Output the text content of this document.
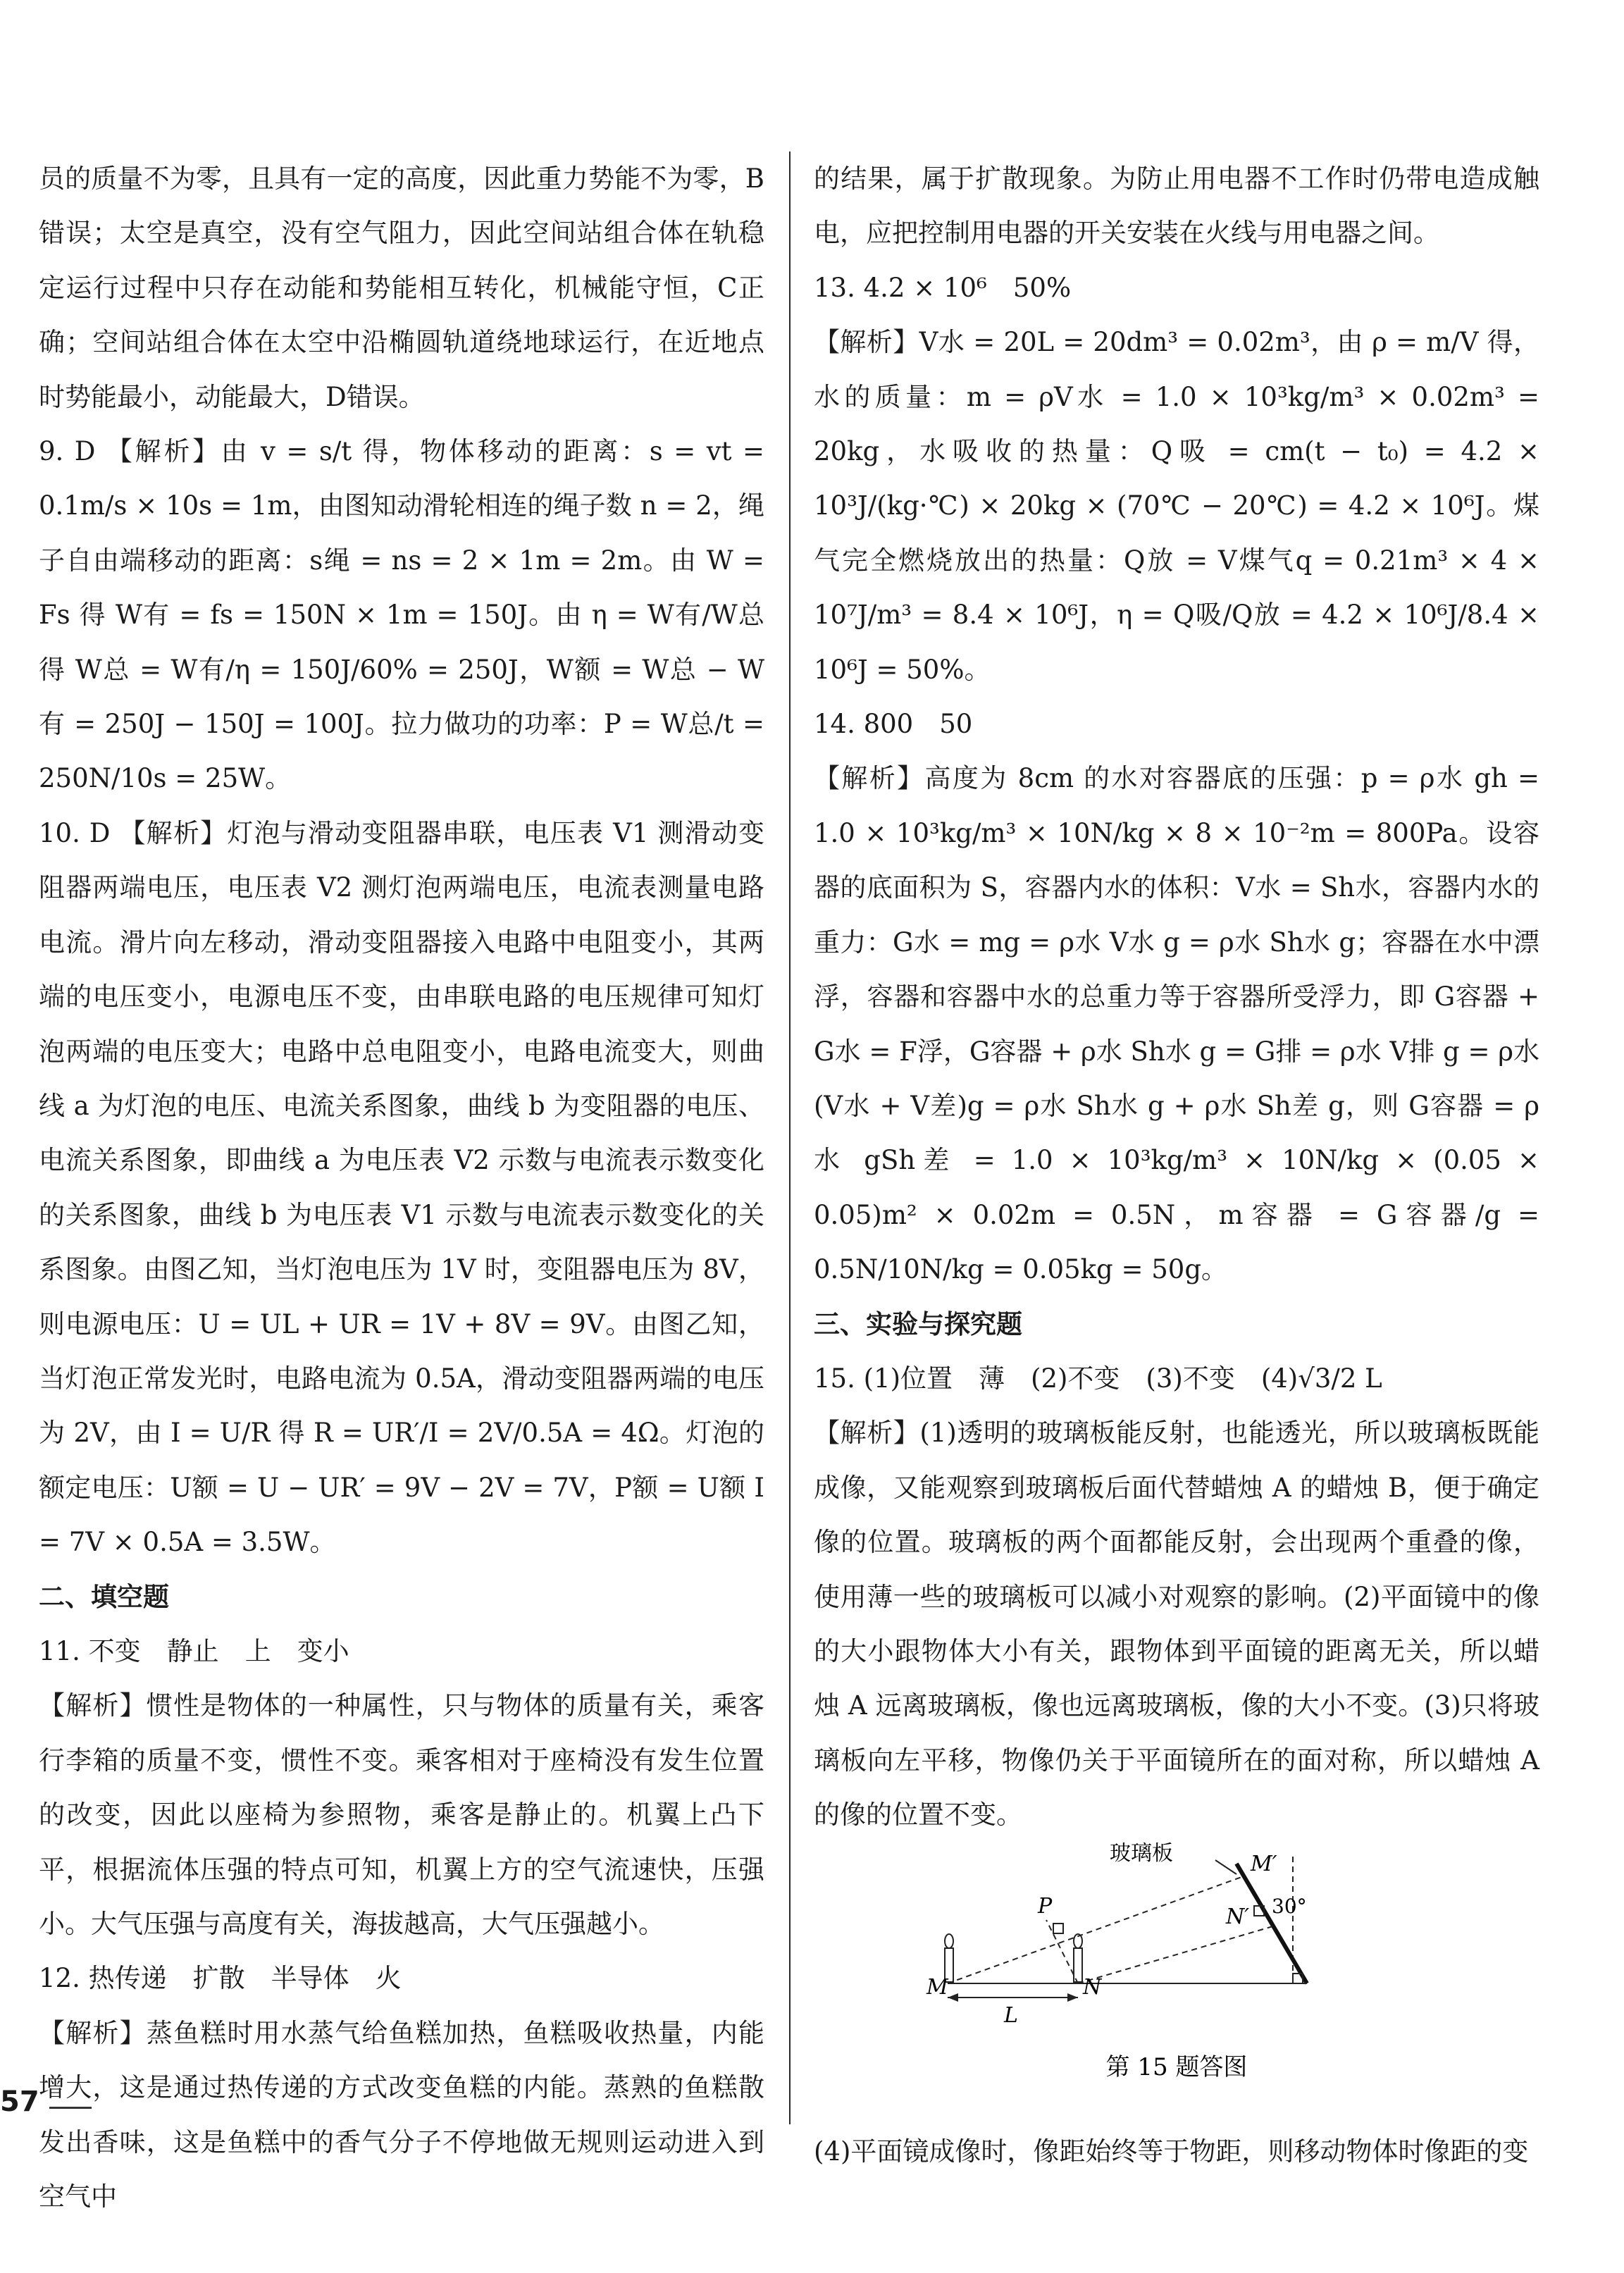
员的质量不为零，且具有一定的高度，因此重力势能不为零，B错误；太空是真空，没有空气阻力，因此空间站组合体在轨稳定运行过程中只存在动能和势能相互转化，机械能守恒，C正确；空间站组合体在太空中沿椭圆轨道绕地球运行，在近地点时势能最小，动能最大，D错误。

9. D 【解析】由 v = s/t 得，物体移动的距离：s = vt = 0.1m/s × 10s = 1m，由图知动滑轮相连的绳子数 n = 2，绳子自由端移动的距离：s绳 = ns = 2 × 1m = 2m。由 W = Fs 得 W有 = fs = 150N × 1m = 150J。由 η = W有/W总 得 W总 = W有/η = 150J/60% = 250J，W额 = W总 − W有 = 250J − 150J = 100J。拉力做功的功率：P = W总/t = 250N/10s = 25W。

10. D 【解析】灯泡与滑动变阻器串联，电压表 V1 测滑动变阻器两端电压，电压表 V2 测灯泡两端电压，电流表测量电路电流。滑片向左移动，滑动变阻器接入电路中电阻变小，其两端的电压变小，电源电压不变，由串联电路的电压规律可知灯泡两端的电压变大；电路中总电阻变小，电路电流变大，则曲线 a 为灯泡的电压、电流关系图象，曲线 b 为变阻器的电压、电流关系图象，即曲线 a 为电压表 V2 示数与电流表示数变化的关系图象，曲线 b 为电压表 V1 示数与电流表示数变化的关系图象。由图乙知，当灯泡电压为 1V 时，变阻器电压为 8V，则电源电压：U = UL + UR = 1V + 8V = 9V。由图乙知，当灯泡正常发光时，电路电流为 0.5A，滑动变阻器两端的电压为 2V，由 I = U/R 得 R = UR′/I = 2V/0.5A = 4Ω。灯泡的额定电压：U额 = U − UR′ = 9V − 2V = 7V，P额 = U额 I = 7V × 0.5A = 3.5W。

二、填空题

11. 不变　静止　上　变小

【解析】惯性是物体的一种属性，只与物体的质量有关，乘客行李箱的质量不变，惯性不变。乘客相对于座椅没有发生位置的改变，因此以座椅为参照物，乘客是静止的。机翼上凸下平，根据流体压强的特点可知，机翼上方的空气流速快，压强小。大气压强与高度有关，海拔越高，大气压强越小。

12. 热传递　扩散　半导体　火

【解析】蒸鱼糕时用水蒸气给鱼糕加热，鱼糕吸收热量，内能增大，这是通过热传递的方式改变鱼糕的内能。蒸熟的鱼糕散发出香味，这是鱼糕中的香气分子不停地做无规则运动进入到空气中

的结果，属于扩散现象。为防止用电器不工作时仍带电造成触电，应把控制用电器的开关安装在火线与用电器之间。

13. 4.2 × 10⁶　50%

【解析】V水 = 20L = 20dm³ = 0.02m³，由 ρ = m/V 得，水的质量：m = ρV水 = 1.0 × 10³kg/m³ × 0.02m³ = 20kg，水吸收的热量：Q吸 = cm(t − t₀) = 4.2 × 10³J/(kg·℃) × 20kg × (70℃ − 20℃) = 4.2 × 10⁶J。煤气完全燃烧放出的热量：Q放 = V煤气q = 0.21m³ × 4 × 10⁷J/m³ = 8.4 × 10⁶J，η = Q吸/Q放 = 4.2 × 10⁶J/8.4 × 10⁶J = 50%。

14. 800　50

【解析】高度为 8cm 的水对容器底的压强：p = ρ水 gh = 1.0 × 10³kg/m³ × 10N/kg × 8 × 10⁻²m = 800Pa。设容器的底面积为 S，容器内水的体积：V水 = Sh水，容器内水的重力：G水 = mg = ρ水 V水 g = ρ水 Sh水 g；容器在水中漂浮，容器和容器中水的总重力等于容器所受浮力，即 G容器 + G水 = F浮，G容器 + ρ水 Sh水 g = G排 = ρ水 V排 g = ρ水(V水 + V差)g = ρ水 Sh水 g + ρ水 Sh差 g，则 G容器 = ρ水 gSh差 = 1.0 × 10³kg/m³ × 10N/kg × (0.05 × 0.05)m² × 0.02m = 0.5N，m容器 = G容器/g = 0.5N/10N/kg = 0.05kg = 50g。

三、实验与探究题

15. (1)位置　薄　(2)不变　(3)不变　(4)√3/2 L

【解析】(1)透明的玻璃板能反射，也能透光，所以玻璃板既能成像，又能观察到玻璃板后面代替蜡烛 A 的蜡烛 B，便于确定像的位置。玻璃板的两个面都能反射，会出现两个重叠的像，使用薄一些的玻璃板可以减小对观察的影响。(2)平面镜中的像的大小跟物体大小有关，跟物体到平面镜的距离无关，所以蜡烛 A 远离玻璃板，像也远离玻璃板，像的大小不变。(3)只将玻璃板向左平移，物像仍关于平面镜所在的面对称，所以蜡烛 A 的像的位置不变。

玻璃板	M′
N′ 30°
P
M	N
L
第 15 题答图

(4)平面镜成像时，像距始终等于物距，则移动物体时像距的变

57
